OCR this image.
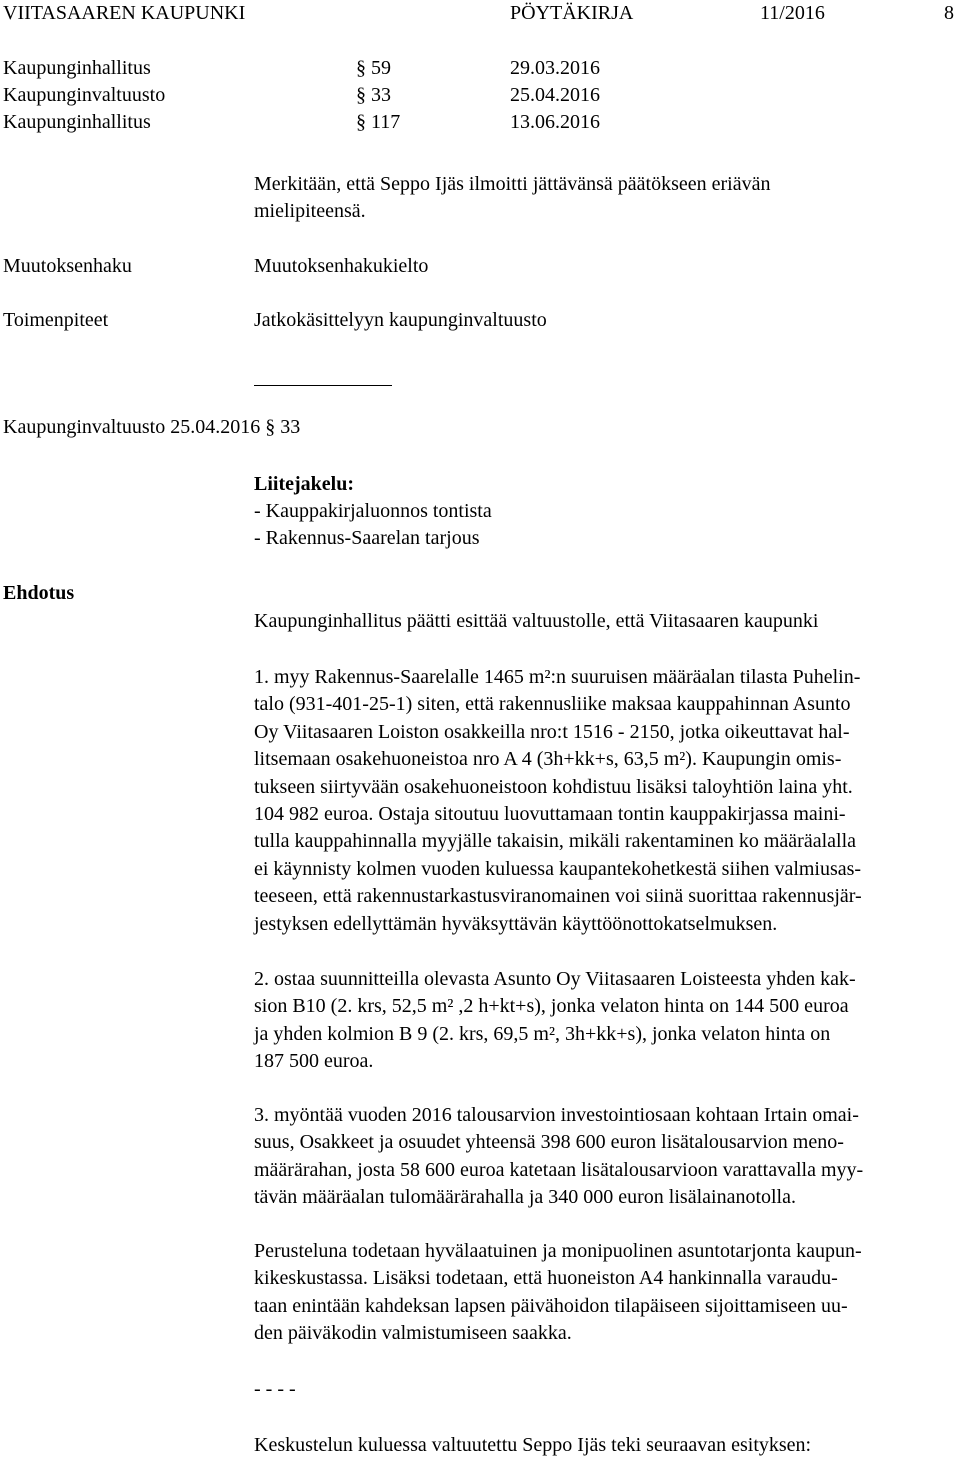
VIITASAAREN KAUPUNKI	PÖYTÄKIRJA	11/2016	8
Kaupunginhallitus	§ 59	29.03.2016
Kaupunginvaltuusto	§ 33	25.04.2016
Kaupunginhallitus	§ 117	13.06.2016
Merkitään, että Seppo Ijäs ilmoitti jättävänsä päätökseen eriävän
mielipiteensä.
Muutoksenhaku	Muutoksenhakukielto
Toimenpiteet	Jatkokäsittelyyn kaupunginvaltuusto
Kaupunginvaltuusto 25.04.2016 § 33
Liitejakelu:
- Kauppakirjaluonnos tontista
- Rakennus-Saarelan tarjous
Ehdotus
Kaupunginhallitus päätti esittää valtuustolle, että Viitasaaren kaupunki
1. myy Rakennus-Saarelalle 1465 m²:n suuruisen määräalan tilasta Puhelin-
talo (931-401-25-1) siten, että rakennusliike maksaa kauppahinnan Asunto
Oy Viitasaaren Loiston osakkeilla nro:t 1516 - 2150, jotka oikeuttavat hal-
litsemaan osakehuoneistoa nro A 4 (3h+kk+s, 63,5 m²). Kaupungin omis-
tukseen siirtyvään osakehuoneistoon kohdistuu lisäksi taloyhtiön laina yht.
104 982 euroa. Ostaja sitoutuu luovuttamaan tontin kauppakirjassa maini-
tulla kauppahinnalla myyjälle takaisin, mikäli rakentaminen ko määräalalla
ei käynnisty kolmen vuoden kuluessa kaupantekohetkestä siihen valmiusas-
teeseen, että rakennustarkastusviranomainen voi siinä suorittaa rakennusjär-
jestyksen edellyttämän hyväksyttävän käyttöönottokatselmuksen.
2. ostaa suunnitteilla olevasta Asunto Oy Viitasaaren Loisteesta yhden kak-
sion B10 (2. krs, 52,5 m² ,2 h+kt+s), jonka velaton hinta on 144 500 euroa
ja yhden kolmion B 9 (2. krs, 69,5 m², 3h+kk+s), jonka velaton hinta on
187 500 euroa.
3. myöntää vuoden 2016 talousarvion investointiosaan kohtaan Irtain omai-
suus, Osakkeet ja osuudet yhteensä 398 600 euron lisätalousarvion meno-
määrärahan, josta 58 600 euroa katetaan lisätalousarvioon varattavalla myy-
tävän määräalan tulomäärärahalla ja 340 000 euron lisälainanotolla.
Perusteluna todetaan hyvälaatuinen ja monipuolinen asuntotarjonta kaupun-
kikeskustassa. Lisäksi todetaan, että huoneiston A4 hankinnalla varaudu-
taan enintään kahdeksan lapsen päivähoidon tilapäiseen sijoittamiseen uu-
den päiväkodin valmistumiseen saakka.
- - - -
Keskustelun kuluessa valtuutettu Seppo Ijäs teki seuraavan esityksen:
